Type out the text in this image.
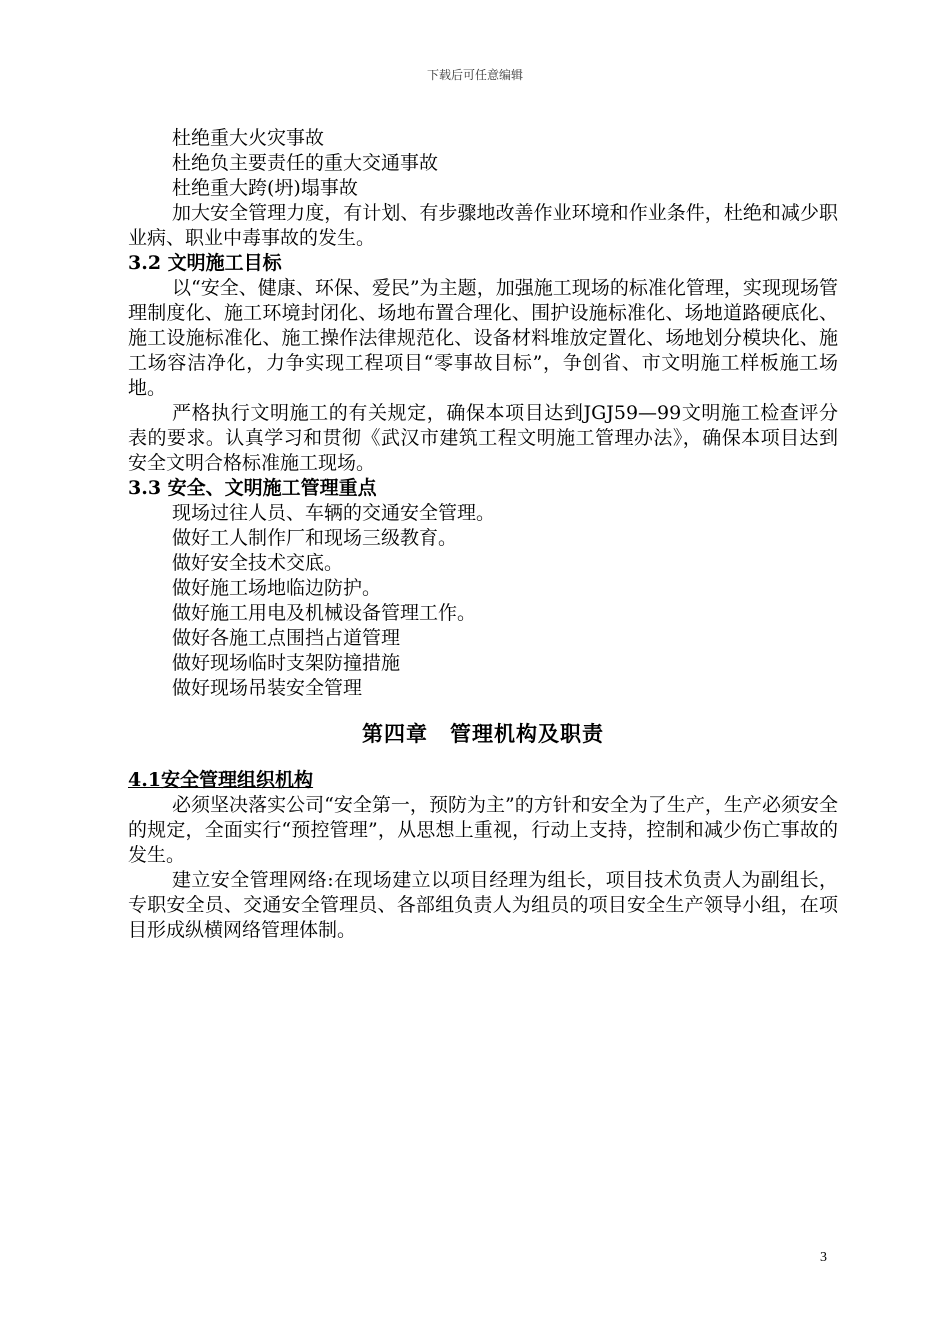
下载后可任意编辑

杜绝重大火灾事故

杜绝负主要责任的重大交通事故

杜绝重大跨(坍)塌事故

加大安全管理力度，有计划、有步骤地改善作业环境和作业条件，杜绝和减少职业病、职业中毒事故的发生。

3.2 文明施工目标

以“安全、健康、环保、爱民”为主题，加强施工现场的标准化管理，实现现场管理制度化、施工环境封闭化、场地布置合理化、围护设施标准化、场地道路硬底化、施工设施标准化、施工操作法律规范化、设备材料堆放定置化、场地划分模块化、施工场容洁净化，力争实现工程项目“零事故目标”，争创省、市文明施工样板施工场地。

严格执行文明施工的有关规定，确保本项目达到JGJ59—99文明施工检查评分表的要求。认真学习和贯彻《武汉市建筑工程文明施工管理办法》，确保本项目达到安全文明合格标准施工现场。

3.3 安全、文明施工管理重点

现场过往人员、车辆的交通安全管理。

做好工人制作厂和现场三级教育。

做好安全技术交底。

做好施工场地临边防护。

做好施工用电及机械设备管理工作。

做好各施工点围挡占道管理

做好现场临时支架防撞措施

做好现场吊装安全管理

第四章　管理机构及职责

4.1安全管理组织机构

必须坚决落实公司“安全第一，预防为主”的方针和安全为了生产，生产必须安全的规定，全面实行“预控管理”，从思想上重视，行动上支持，控制和减少伤亡事故的发生。

建立安全管理网络:在现场建立以项目经理为组长，项目技术负责人为副组长，专职安全员、交通安全管理员、各部组负责人为组员的项目安全生产领导小组，在项目形成纵横网络管理体制。

3
